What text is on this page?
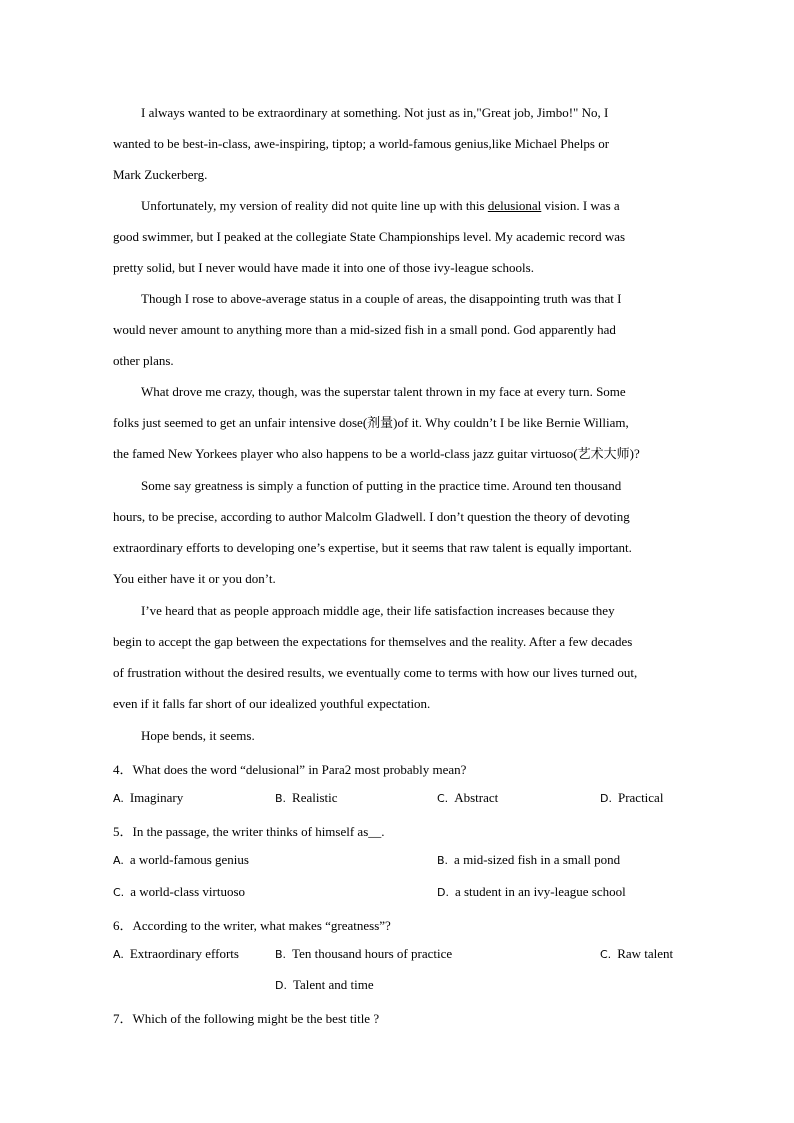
I always wanted to be extraordinary at something. Not just as in,"Great job, Jimbo!" No, I
wanted to be best-in-class, awe-inspiring, tiptop; a world-famous genius,like Michael Phelps or
Mark Zuckerberg.
Unfortunately, my version of reality did not quite line up with this delusional vision. I was a
good swimmer, but I peaked at the collegiate State Championships level. My academic record was
pretty solid, but I never would have made it into one of those ivy-league schools.
Though I rose to above-average status in a couple of areas, the disappointing truth was that I
would never amount to anything more than a mid-sized fish in a small pond. God apparently had
other plans.
What drove me crazy, though, was the superstar talent thrown in my face at every turn. Some
folks just seemed to get an unfair intensive dose(剂量)of it. Why couldn’t I be like Bernie William,
the famed New Yorkees player who also happens to be a world-class jazz guitar virtuoso(艺术大师)?
Some say greatness is simply a function of putting in the practice time. Around ten thousand
hours, to be precise, according to author Malcolm Gladwell. I don’t question the theory of devoting
extraordinary efforts to developing one’s expertise, but it seems that raw talent is equally important.
You either have it or you don’t.
I’ve heard that as people approach middle age, their life satisfaction increases because they
begin to accept the gap between the expectations for themselves and the reality. After a few decades
of frustration without the desired results, we eventually come to terms with how our lives turned out,
even if it falls far short of our idealized youthful expectation.
Hope bends, it seems.
4．What does the word “delusional” in Para2 most probably mean?
A. Imaginary	B. Realistic	C. Abstract	D. Practical
5．In the passage, the writer thinks of himself as__.
A. a world-famous genius	B. a mid-sized fish in a small pond
C. a world-class virtuoso	D. a student in an ivy-league school
6．According to the writer, what makes “greatness”?
A. Extraordinary efforts	B. Ten thousand hours of practice	C. Raw talent
D. Talent and time
7．Which of the following might be the best title ?
